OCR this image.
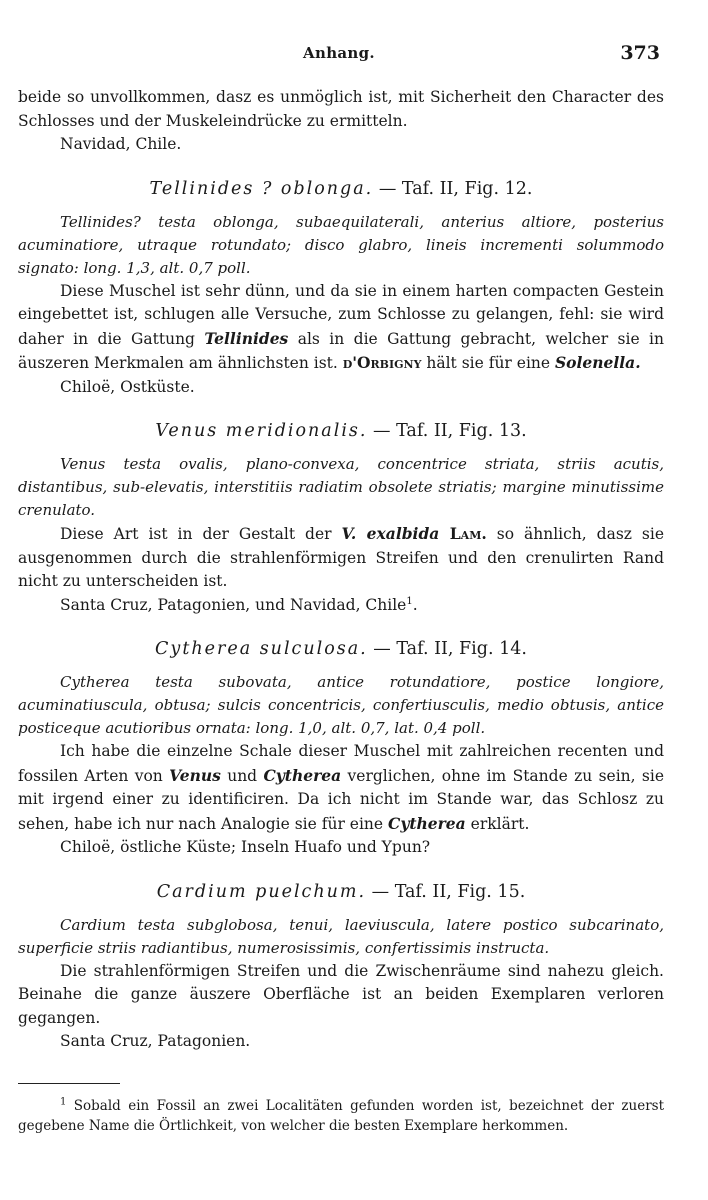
Anhang.	373

beide so unvollkommen, dasz es unmöglich ist, mit Sicherheit den Character des Schlosses und der Muskeleindrücke zu ermitteln.

Navidad, Chile.

Tellinides ? oblonga. — Taf. II, Fig. 12.

Tellinides? testa oblonga, subaequilaterali, anterius altiore, posterius acuminatiore, utraque rotundato; disco glabro, lineis incrementi solummodo signato: long. 1,3, alt. 0,7 poll.

Diese Muschel ist sehr dünn, und da sie in einem harten compacten Gestein eingebettet ist, schlugen alle Versuche, zum Schlosse zu gelangen, fehl: sie wird daher in die Gattung Tellinides als in die Gattung gebracht, welcher sie in äuszeren Merkmalen am ähnlichsten ist. d'Orbigny hält sie für eine Solenella.

Chiloë, Ostküste.

Venus meridionalis. — Taf. II, Fig. 13.

Venus testa ovalis, plano-convexa, concentrice striata, striis acutis, distantibus, sub-elevatis, interstitiis radiatim obsolete striatis; margine minutissime crenulato.

Diese Art ist in der Gestalt der V. exalbida Lam. so ähnlich, dasz sie ausgenommen durch die strahlenförmigen Streifen und den crenulirten Rand nicht zu unterscheiden ist.

Santa Cruz, Patagonien, und Navidad, Chile$^1$.

Cytherea sulculosa. — Taf. II, Fig. 14.

Cytherea testa subovata, antice rotundatiore, postice longiore, acuminatiuscula, obtusa; sulcis concentricis, confertiusculis, medio obtusis, antice posticeque acutioribus ornata: long. 1,0, alt. 0,7, lat. 0,4 poll.

Ich habe die einzelne Schale dieser Muschel mit zahlreichen recenten und fossilen Arten von Venus und Cytherea verglichen, ohne im Stande zu sein, sie mit irgend einer zu identificiren. Da ich nicht im Stande war, das Schlosz zu sehen, habe ich nur nach Analogie sie für eine Cytherea erklärt.

Chiloë, östliche Küste; Inseln Huafo und Ypun?

Cardium puelchum. — Taf. II, Fig. 15.

Cardium testa subglobosa, tenui, laeviuscula, latere postico subcarinato, superficie striis radiantibus, numerosissimis, confertissimis instructa.

Die strahlenförmigen Streifen und die Zwischenräume sind nahezu gleich. Beinahe die ganze äuszere Oberfläche ist an beiden Exemplaren verloren gegangen.

Santa Cruz, Patagonien.

$^1$ Sobald ein Fossil an zwei Localitäten gefunden worden ist, bezeichnet der zuerst gegebene Name die Örtlichkeit, von welcher die besten Exemplare herkommen.
